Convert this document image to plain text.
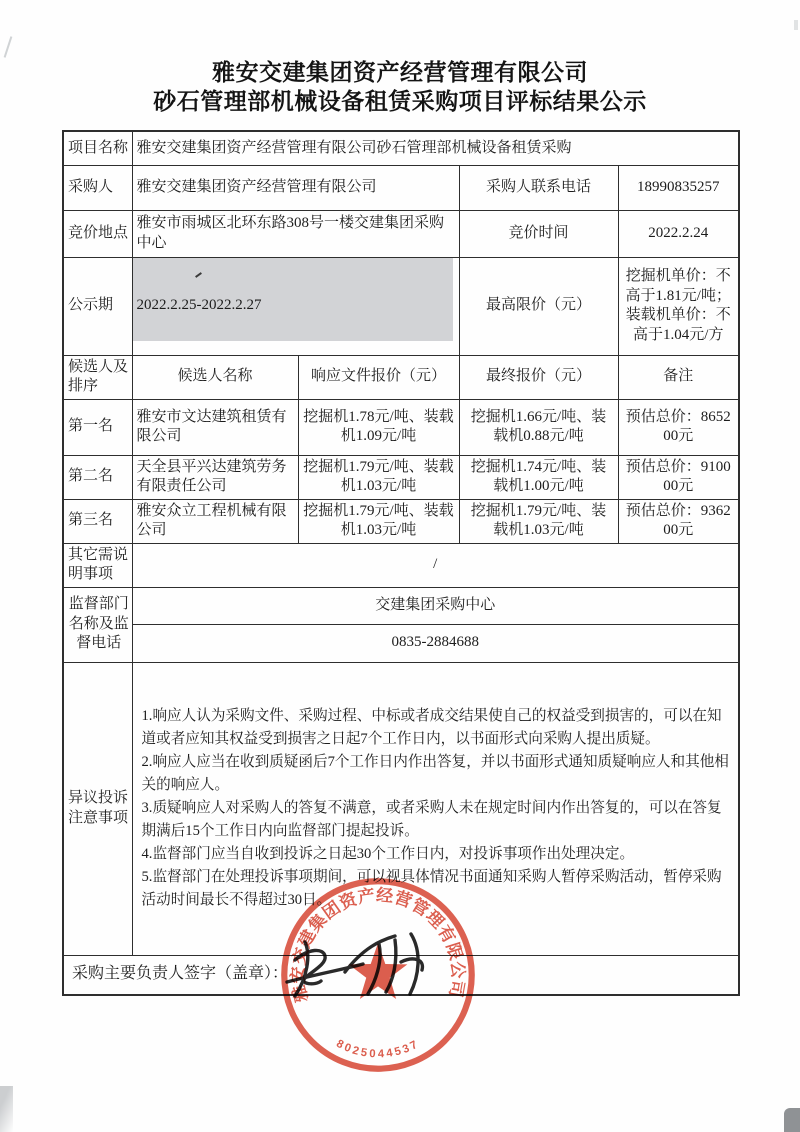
雅安交建集团资产经营管理有限公司
砂石管理部机械设备租赁采购项目评标结果公示
项目名称	雅安交建集团资产经营管理有限公司砂石管理部机械设备租赁采购			
采购人	雅安交建集团资产经营管理有限公司		采购人联系电话	18990835257
竞价地点	雅安市雨城区北环东路308号一楼交建集团采购中心		竞价时间	2022.2.24
公示期	2022.2.25-2022.2.27		最高限价（元）	挖掘机单价：不高于1.81元/吨；装载机单价：不高于1.04元/方
候选人及排序	候选人名称	响应文件报价（元）	最终报价（元）	备注
第一名	雅安市文达建筑租赁有限公司	挖掘机1.78元/吨、装载机1.09元/吨	挖掘机1.66元/吨、装载机0.88元/吨	预估总价：865200元
第二名	天全县平兴达建筑劳务有限责任公司	挖掘机1.79元/吨、装载机1.03元/吨	挖掘机1.74元/吨、装载机1.00元/吨	预估总价：910000元
第三名	雅安众立工程机械有限公司	挖掘机1.79元/吨、装载机1.03元/吨	挖掘机1.79元/吨、装载机1.03元/吨	预估总价：936200元
其它需说明事项	/			
监督部门名称及监督电话	交建集团采购中心			
	0835-2884688			
异议投诉注意事项	1.响应人认为采购文件、采购过程、中标或者成交结果使自己的权益受到损害的，可以在知道或者应知其权益受到损害之日起7个工作日内，以书面形式向采购人提出质疑。
2.响应人应当在收到质疑函后7个工作日内作出答复，并以书面形式通知质疑响应人和其他相关的响应人。
3.质疑响应人对采购人的答复不满意，或者采购人未在规定时间内作出答复的，可以在答复期满后15个工作日内向监督部门提起投诉。
4.监督部门应当自收到投诉之日起30个工作日内，对投诉事项作出处理决定。
5.监督部门在处理投诉事项期间，可以视具体情况书面通知采购人暂停采购活动，暂停采购活动时间最长不得超过30日。			

采购主要负责人签字（盖章）：				
雅安交建集团资产经营管理有限公司
8025044537
